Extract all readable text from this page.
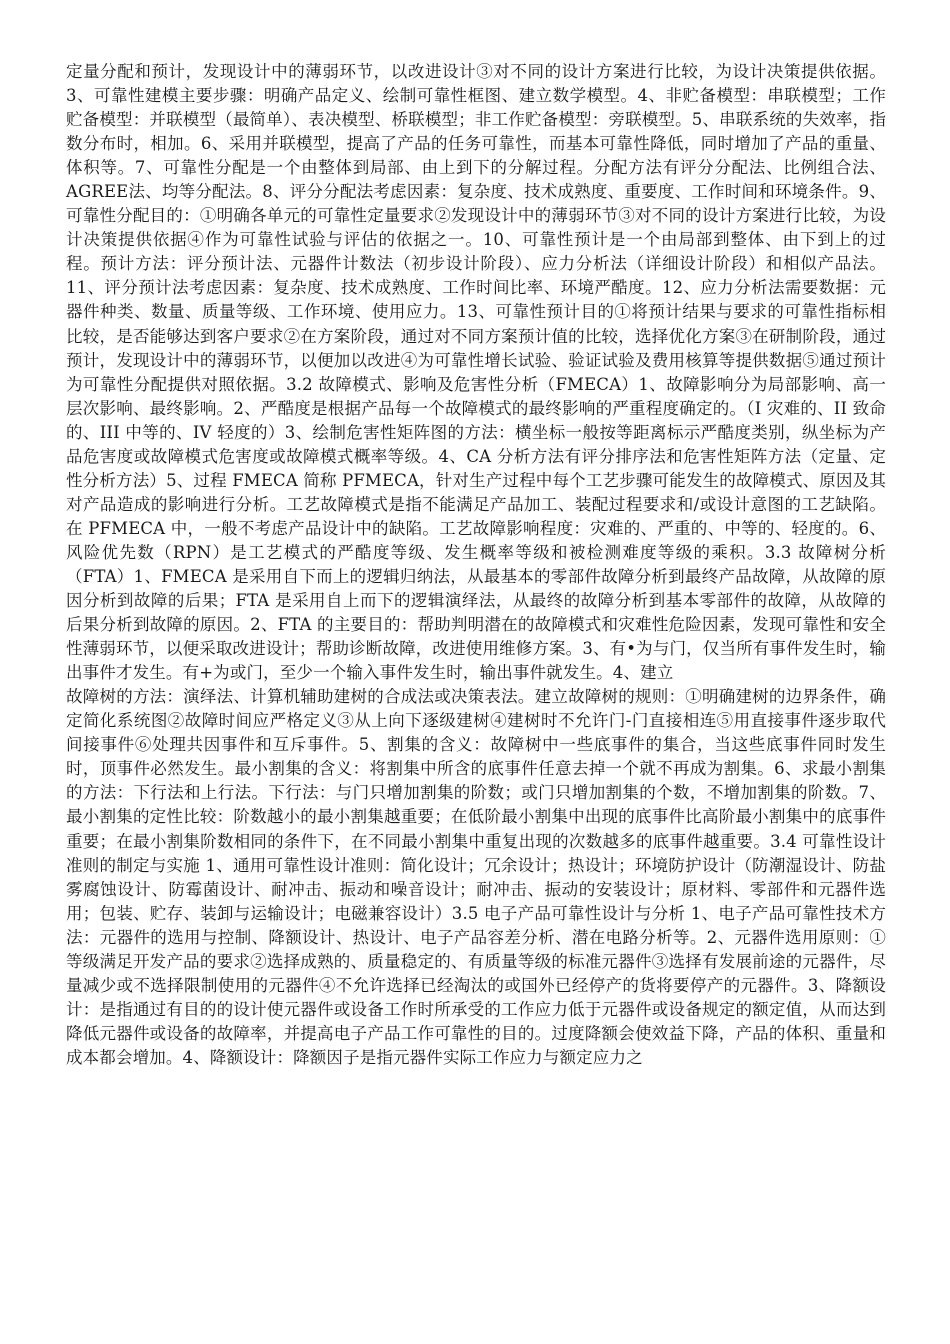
定量分配和预计，发现设计中的薄弱环节，以改进设计③对不同的设计方案进行比较，为设计决策提供依据。3、可靠性建模主要步骤：明确产品定义、绘制可靠性框图、建立数学模型。4、非贮备模型：串联模型；工作贮备模型：并联模型（最简单）、表决模型、桥联模型；非工作贮备模型：旁联模型。5、串联系统的失效率，指数分布时，相加。6、采用并联模型，提高了产品的任务可靠性，而基本可靠性降低，同时增加了产品的重量、体积等。7、可靠性分配是一个由整体到局部、由上到下的分解过程。分配方法有评分分配法、比例组合法、AGREE法、均等分配法。8、评分分配法考虑因素：复杂度、技术成熟度、重要度、工作时间和环境条件。9、可靠性分配目的：①明确各单元的可靠性定量要求②发现设计中的薄弱环节③对不同的设计方案进行比较，为设计决策提供依据④作为可靠性试验与评估的依据之一。10、可靠性预计是一个由局部到整体、由下到上的过程。预计方法：评分预计法、元器件计数法（初步设计阶段）、应力分析法（详细设计阶段）和相似产品法。11、评分预计法考虑因素：复杂度、技术成熟度、工作时间比率、环境严酷度。12、应力分析法需要数据：元器件种类、数量、质量等级、工作环境、使用应力。13、可靠性预计目的①将预计结果与要求的可靠性指标相比较，是否能够达到客户要求②在方案阶段，通过对不同方案预计值的比较，选择优化方案③在研制阶段，通过预计，发现设计中的薄弱环节，以便加以改进④为可靠性增长试验、验证试验及费用核算等提供数据⑤通过预计为可靠性分配提供对照依据。3.2 故障模式、影响及危害性分析（FMECA）1、故障影响分为局部影响、高一层次影响、最终影响。2、严酷度是根据产品每一个故障模式的最终影响的严重程度确定的。（I 灾难的、II 致命的、III 中等的、IV 轻度的）3、绘制危害性矩阵图的方法：横坐标一般按等距离标示严酷度类别，纵坐标为产品危害度或故障模式危害度或故障模式概率等级。4、CA 分析方法有评分排序法和危害性矩阵方法（定量、定性分析方法）5、过程 FMECA 简称 PFMECA，针对生产过程中每个工艺步骤可能发生的故障模式、原因及其对产品造成的影响进行分析。工艺故障模式是指不能满足产品加工、装配过程要求和/或设计意图的工艺缺陷。在 PFMECA 中，一般不考虑产品设计中的缺陷。工艺故障影响程度：灾难的、严重的、中等的、轻度的。6、风险优先数（RPN）是工艺模式的严酷度等级、发生概率等级和被检测难度等级的乘积。3.3 故障树分析（FTA）1、FMECA 是采用自下而上的逻辑归纳法，从最基本的零部件故障分析到最终产品故障，从故障的原因分析到故障的后果；FTA 是采用自上而下的逻辑演绎法，从最终的故障分析到基本零部件的故障，从故障的后果分析到故障的原因。2、FTA 的主要目的：帮助判明潜在的故障模式和灾难性危险因素，发现可靠性和安全性薄弱环节，以便采取改进设计；帮助诊断故障，改进使用维修方案。3、有•为与门，仅当所有事件发生时，输出事件才发生。有+为或门，至少一个输入事件发生时，输出事件就发生。4、建立

故障树的方法：演绎法、计算机辅助建树的合成法或决策表法。建立故障树的规则：①明确建树的边界条件，确定简化系统图②故障时间应严格定义③从上向下逐级建树④建树时不允许门-门直接相连⑤用直接事件逐步取代间接事件⑥处理共因事件和互斥事件。5、割集的含义：故障树中一些底事件的集合，当这些底事件同时发生时，顶事件必然发生。最小割集的含义：将割集中所含的底事件任意去掉一个就不再成为割集。6、求最小割集的方法：下行法和上行法。下行法：与门只增加割集的阶数；或门只增加割集的个数，不增加割集的阶数。7、最小割集的定性比较：阶数越小的最小割集越重要；在低阶最小割集中出现的底事件比高阶最小割集中的底事件重要；在最小割集阶数相同的条件下，在不同最小割集中重复出现的次数越多的底事件越重要。3.4 可靠性设计准则的制定与实施 1、通用可靠性设计准则：简化设计；冗余设计；热设计；环境防护设计（防潮湿设计、防盐雾腐蚀设计、防霉菌设计、耐冲击、振动和噪音设计；耐冲击、振动的安装设计；原材料、零部件和元器件选用；包装、贮存、装卸与运输设计；电磁兼容设计）3.5 电子产品可靠性设计与分析 1、电子产品可靠性技术方法：元器件的选用与控制、降额设计、热设计、电子产品容差分析、潜在电路分析等。2、元器件选用原则：①等级满足开发产品的要求②选择成熟的、质量稳定的、有质量等级的标准元器件③选择有发展前途的元器件，尽量减少或不选择限制使用的元器件④不允许选择已经淘汰的或国外已经停产的货将要停产的元器件。3、降额设计：是指通过有目的的设计使元器件或设备工作时所承受的工作应力低于元器件或设备规定的额定值，从而达到降低元器件或设备的故障率，并提高电子产品工作可靠性的目的。过度降额会使效益下降，产品的体积、重量和成本都会增加。4、降额设计：降额因子是指元器件实际工作应力与额定应力之
